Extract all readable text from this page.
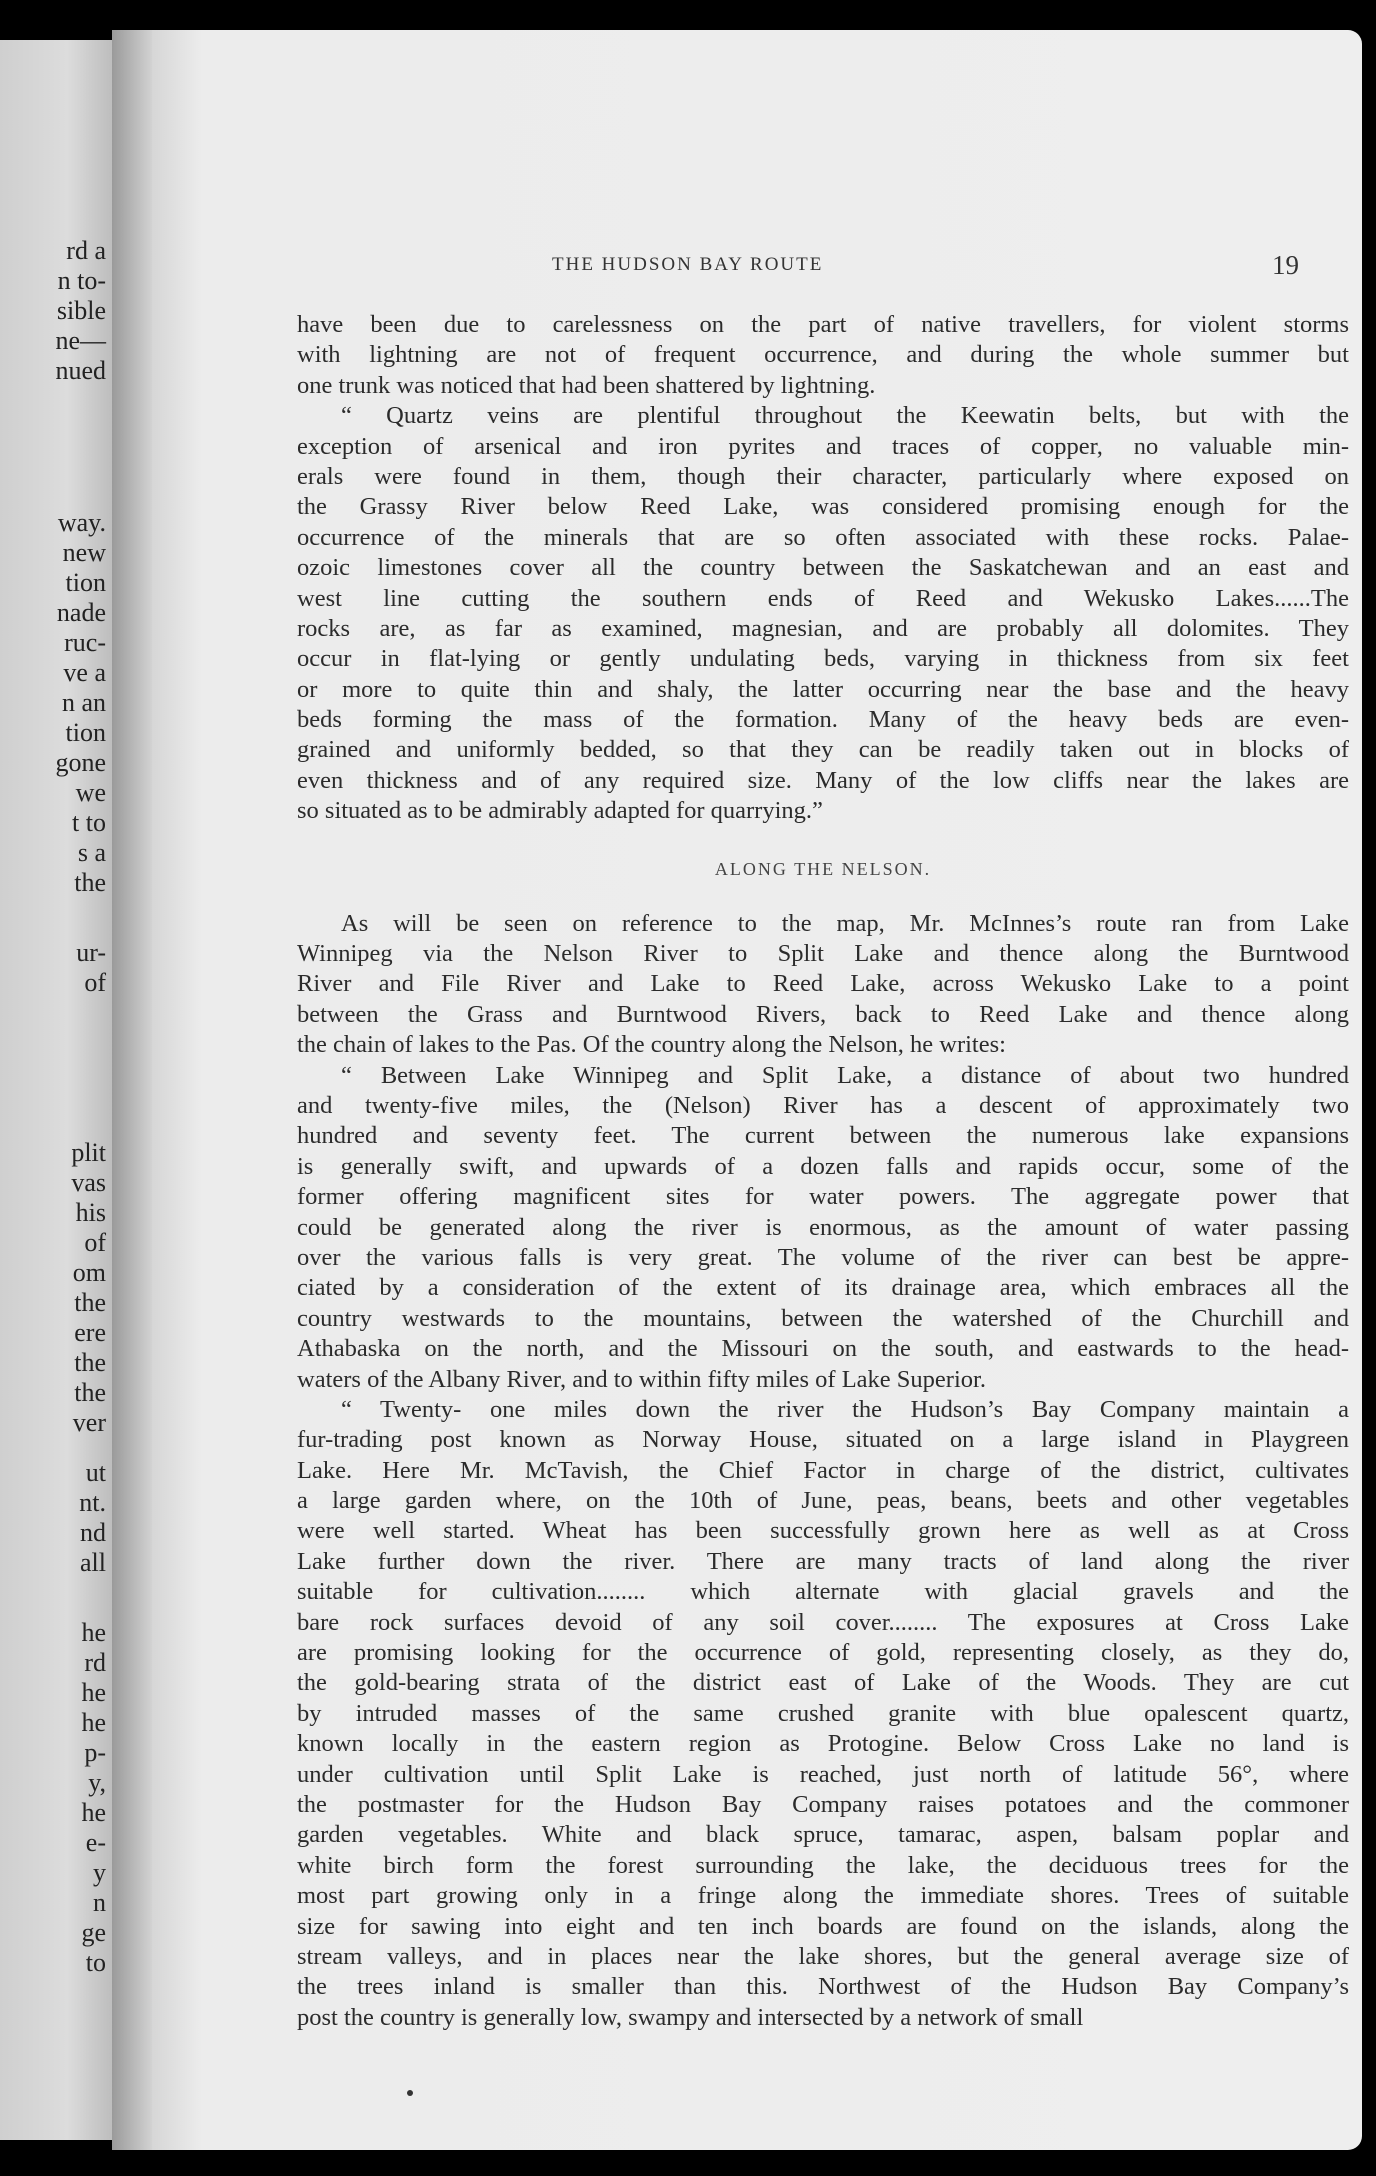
rd a
n to-
sible
ne—
nued
way.
new
tion
nade
ruc-
ve a
n an
tion
gone
we
t to
s a
the
ur-
of
plit
vas
his
of
om
the
ere
the
the
ver
ut
nt.
nd
all
he
rd
he
he
p-
y,
he
e-
y
n
ge
to
THE HUDSON BAY ROUTE	19
have been due to carelessness on the part of native travellers, for violent storms
with lightning are not of frequent occurrence, and during the whole summer but
one trunk was noticed that had been shattered by lightning.
“ Quartz veins are plentiful throughout the Keewatin belts, but with the
exception of arsenical and iron pyrites and traces of copper, no valuable min-
erals were found in them, though their character, particularly where exposed on
the Grassy River below Reed Lake, was considered promising enough for the
occurrence of the minerals that are so often associated with these rocks. Palae-
ozoic limestones cover all the country between the Saskatchewan and an east and
west line cutting the southern ends of Reed and Wekusko Lakes......The
rocks are, as far as examined, magnesian, and are probably all dolomites. They
occur in flat-lying or gently undulating beds, varying in thickness from six feet
or more to quite thin and shaly, the latter occurring near the base and the heavy
beds forming the mass of the formation. Many of the heavy beds are even-
grained and uniformly bedded, so that they can be readily taken out in blocks of
even thickness and of any required size. Many of the low cliffs near the lakes are
so situated as to be admirably adapted for quarrying.”
ALONG THE NELSON.
As will be seen on reference to the map, Mr. McInnes’s route ran from Lake
Winnipeg via the Nelson River to Split Lake and thence along the Burntwood
River and File River and Lake to Reed Lake, across Wekusko Lake to a point
between the Grass and Burntwood Rivers, back to Reed Lake and thence along
the chain of lakes to the Pas. Of the country along the Nelson, he writes:
“ Between Lake Winnipeg and Split Lake, a distance of about two hundred
and twenty-five miles, the (Nelson) River has a descent of approximately two
hundred and seventy feet. The current between the numerous lake expansions
is generally swift, and upwards of a dozen falls and rapids occur, some of the
former offering magnificent sites for water powers. The aggregate power that
could be generated along the river is enormous, as the amount of water passing
over the various falls is very great. The volume of the river can best be appre-
ciated by a consideration of the extent of its drainage area, which embraces all the
country westwards to the mountains, between the watershed of the Churchill and
Athabaska on the north, and the Missouri on the south, and eastwards to the head-
waters of the Albany River, and to within fifty miles of Lake Superior.
“ Twenty- one miles down the river the Hudson’s Bay Company maintain a
fur-trading post known as Norway House, situated on a large island in Playgreen
Lake. Here Mr. McTavish, the Chief Factor in charge of the district, cultivates
a large garden where, on the 10th of June, peas, beans, beets and other vegetables
were well started. Wheat has been successfully grown here as well as at Cross
Lake further down the river. There are many tracts of land along the river
suitable for cultivation........ which alternate with glacial gravels and the
bare rock surfaces devoid of any soil cover........ The exposures at Cross Lake
are promising looking for the occurrence of gold, representing closely, as they do,
the gold-bearing strata of the district east of Lake of the Woods. They are cut
by intruded masses of the same crushed granite with blue opalescent quartz,
known locally in the eastern region as Protogine. Below Cross Lake no land is
under cultivation until Split Lake is reached, just north of latitude 56°, where
the postmaster for the Hudson Bay Company raises potatoes and the commoner
garden vegetables. White and black spruce, tamarac, aspen, balsam poplar and
white birch form the forest surrounding the lake, the deciduous trees for the
most part growing only in a fringe along the immediate shores. Trees of suitable
size for sawing into eight and ten inch boards are found on the islands, along the
stream valleys, and in places near the lake shores, but the general average size of
the trees inland is smaller than this. Northwest of the Hudson Bay Company’s
post the country is generally low, swampy and intersected by a network of small
